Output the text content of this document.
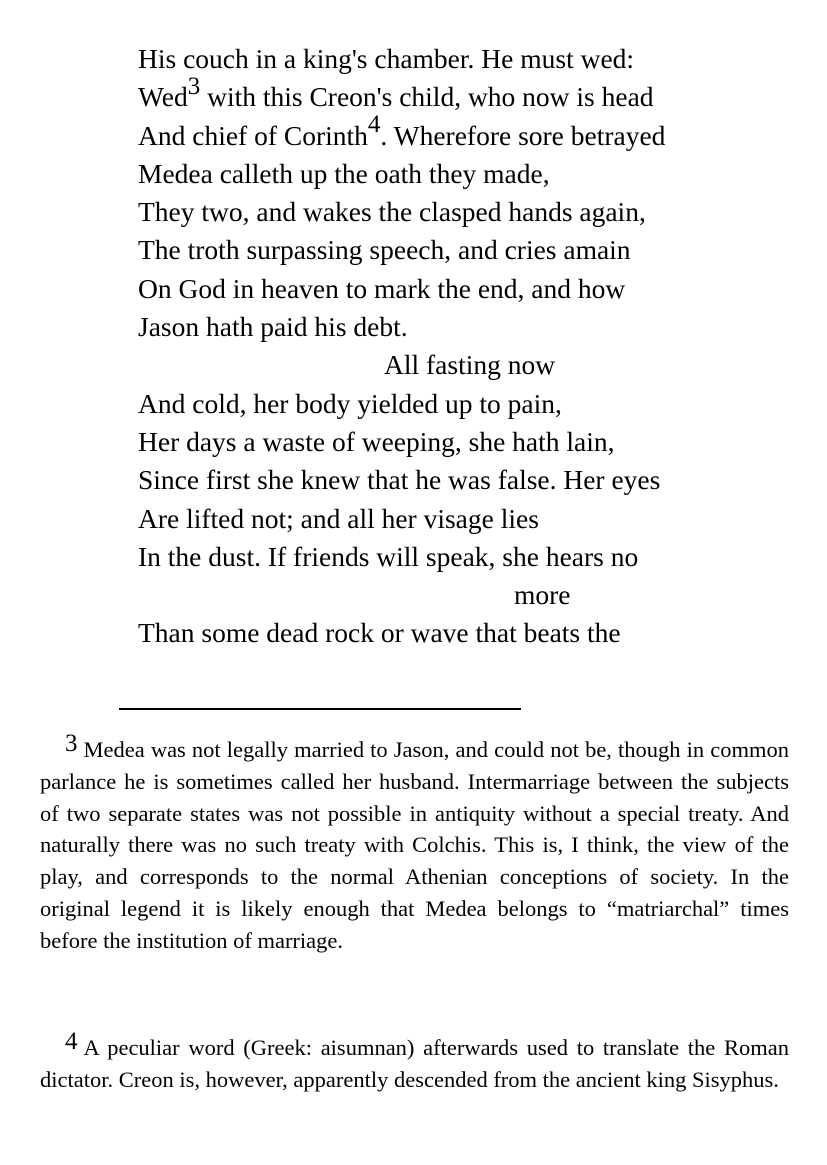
His couch in a king's chamber. He must wed:
Wed$^3$ with this Creon's child, who now is head
And chief of Corinth$^4$. Wherefore sore betrayed
Medea calleth up the oath they made,
They two, and wakes the clasped hands again,
The troth surpassing speech, and cries amain
On God in heaven to mark the end, and how
Jason hath paid his debt.
All fasting now
And cold, her body yielded up to pain,
Her days a waste of weeping, she hath lain,
Since first she knew that he was false. Her eyes
Are lifted not; and all her visage lies
In the dust. If friends will speak, she hears no
more
Than some dead rock or wave that beats the
3 Medea was not legally married to Jason, and could not be, though in common parlance he is sometimes called her husband. Intermarriage between the subjects of two separate states was not possible in antiquity without a special treaty. And naturally there was no such treaty with Colchis. This is, I think, the view of the play, and corresponds to the normal Athenian conceptions of society. In the original legend it is likely enough that Medea belongs to “matriarchal” times before the institution of marriage.
4 A peculiar word (Greek: aisumnan) afterwards used to translate the Roman dictator. Creon is, however, apparently descended from the ancient king Sisyphus.
